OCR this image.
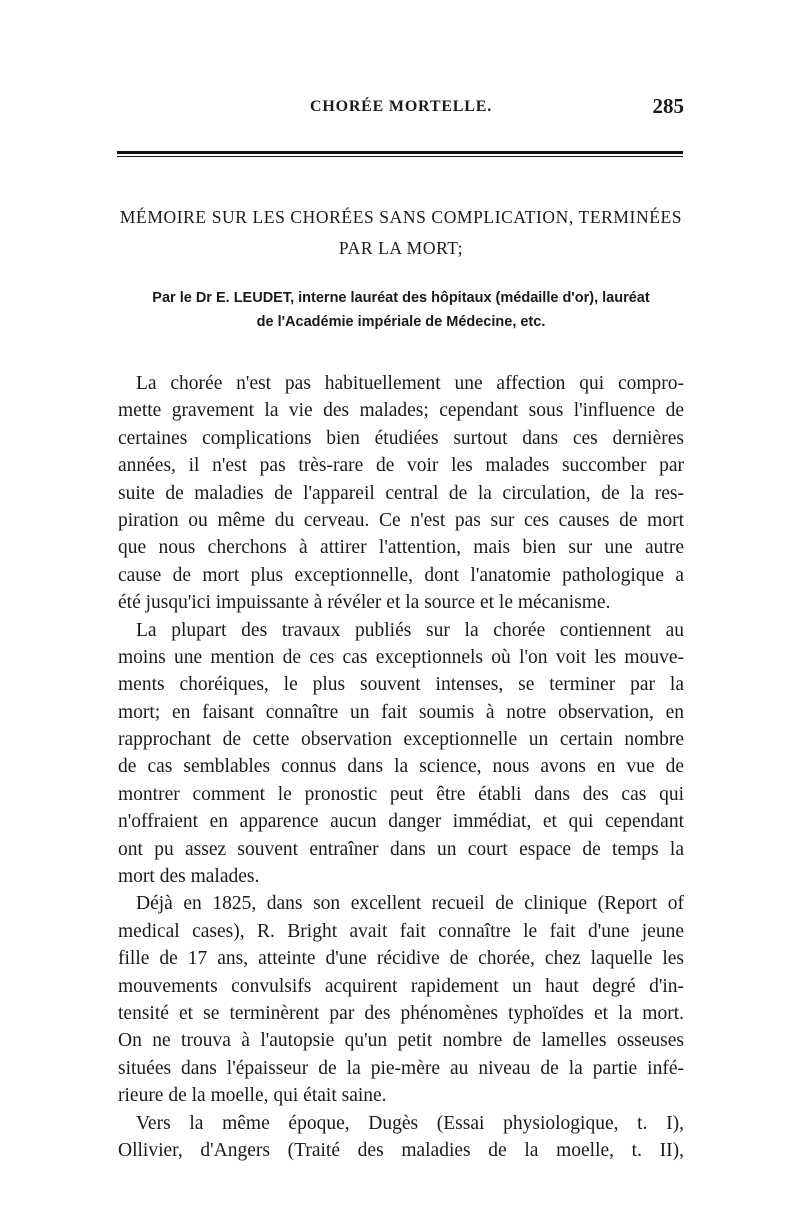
CHORÉE MORTELLE.	285
MÉMOIRE SUR LES CHORÉES SANS COMPLICATION, TERMINÉES
PAR LA MORT;
Par le Dr E. LEUDET, interne lauréat des hôpitaux (médaille d'or), lauréat
de l'Académie impériale de Médecine, etc.
La chorée n'est pas habituellement une affection qui compro-
mette gravement la vie des malades; cependant sous l'influence de
certaines complications bien étudiées surtout dans ces dernières
années, il n'est pas très-rare de voir les malades succomber par
suite de maladies de l'appareil central de la circulation, de la res-
piration ou même du cerveau. Ce n'est pas sur ces causes de mort
que nous cherchons à attirer l'attention, mais bien sur une autre
cause de mort plus exceptionnelle, dont l'anatomie pathologique a
été jusqu'ici impuissante à révéler et la source et le mécanisme.
La plupart des travaux publiés sur la chorée contiennent au
moins une mention de ces cas exceptionnels où l'on voit les mouve-
ments choréiques, le plus souvent intenses, se terminer par la
mort; en faisant connaître un fait soumis à notre observation, en
rapprochant de cette observation exceptionnelle un certain nombre
de cas semblables connus dans la science, nous avons en vue de
montrer comment le pronostic peut être établi dans des cas qui
n'offraient en apparence aucun danger immédiat, et qui cependant
ont pu assez souvent entraîner dans un court espace de temps la
mort des malades.
Déjà en 1825, dans son excellent recueil de clinique (Report of
medical cases), R. Bright avait fait connaître le fait d'une jeune
fille de 17 ans, atteinte d'une récidive de chorée, chez laquelle les
mouvements convulsifs acquirent rapidement un haut degré d'in-
tensité et se terminèrent par des phénomènes typhoïdes et la mort.
On ne trouva à l'autopsie qu'un petit nombre de lamelles osseuses
situées dans l'épaisseur de la pie-mère au niveau de la partie infé-
rieure de la moelle, qui était saine.
Vers la même époque, Dugès (Essai physiologique, t. I),
Ollivier, d'Angers (Traité des maladies de la moelle, t. II),
